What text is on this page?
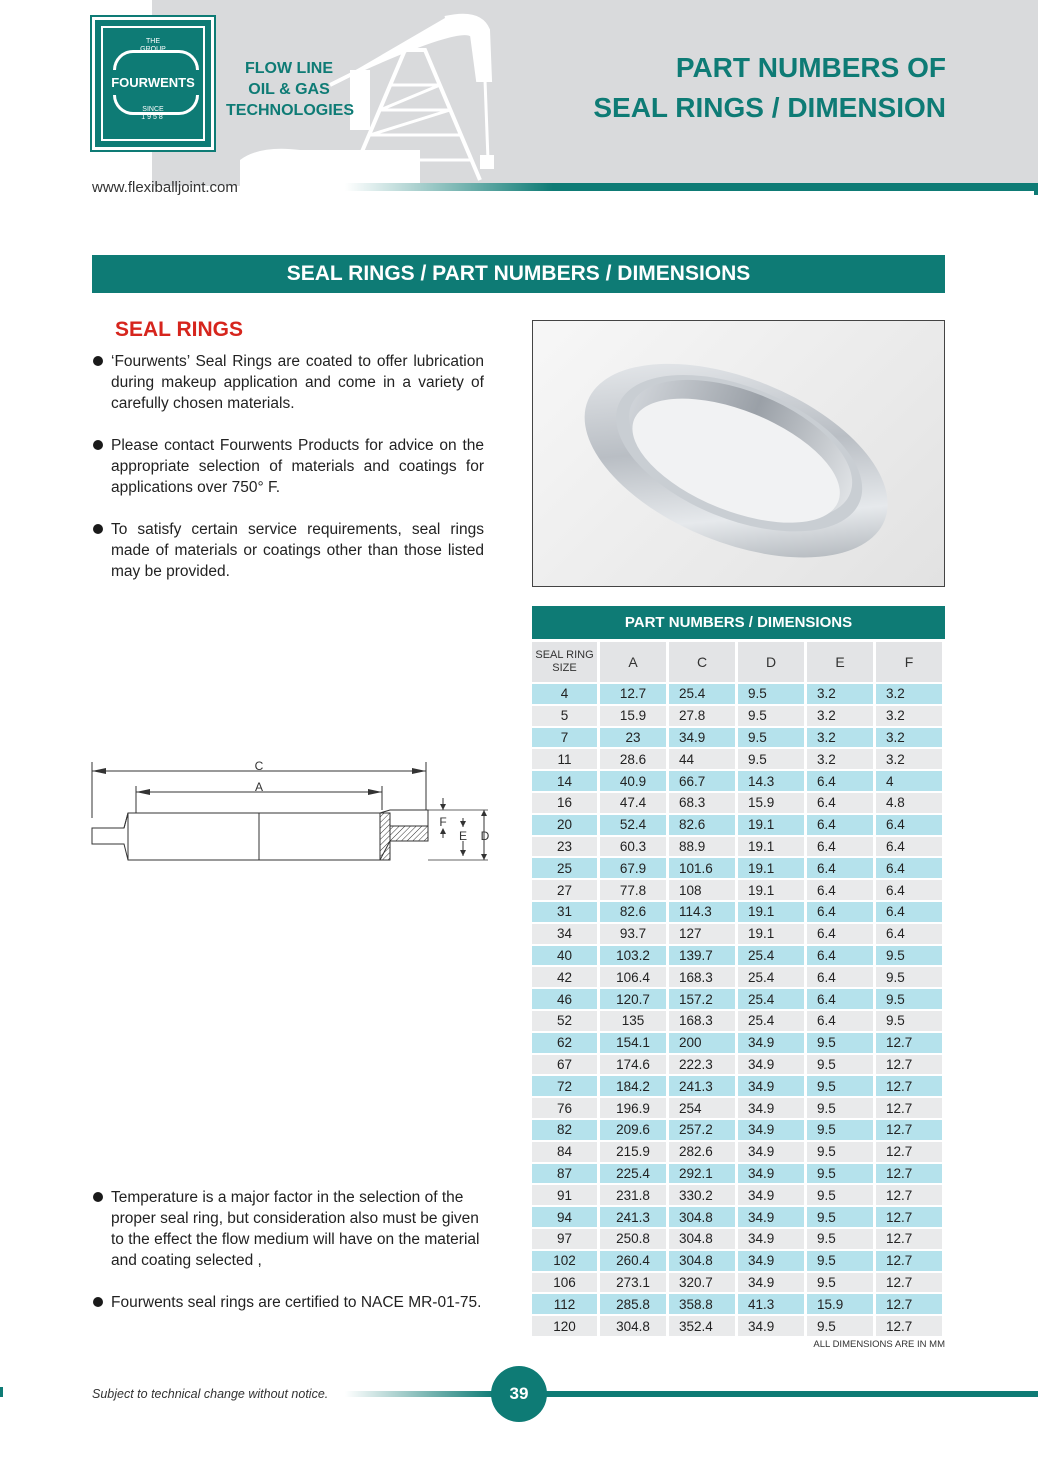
THE
GROUP
FOURWENTS
SINCE
1958
FLOW LINE
OIL & GAS
TECHNOLOGIES
PART NUMBERS OF
SEAL RINGS / DIMENSION
www.flexiballjoint.com
SEAL RINGS / PART NUMBERS / DIMENSIONS
SEAL RINGS
‘Fourwents’ Seal Rings are coated to offer lubrication during makeup application and come in a variety of carefully chosen materials.
Please contact Fourwents Products for advice on the appropriate selection of materials and coatings for applications over 750° F.
To satisfy certain service requirements, seal rings made of materials or coatings other than those listed may be provided.
C
A
F
E D
Temperature is a major factor in the selection of the proper seal ring, but consideration also must be given to the effect the flow medium will have on the material and coating selected ,
Fourwents seal rings are certified to NACE MR-01-75.
PART NUMBERS / DIMENSIONS
SEAL RING SIZE	A	C	D	E	F
4	12.7	25.4	9.5	3.2	3.2
5	15.9	27.8	9.5	3.2	3.2
7	23	34.9	9.5	3.2	3.2
11	28.6	44	9.5	3.2	3.2
14	40.9	66.7	14.3	6.4	4
16	47.4	68.3	15.9	6.4	4.8
20	52.4	82.6	19.1	6.4	6.4
23	60.3	88.9	19.1	6.4	6.4
25	67.9	101.6	19.1	6.4	6.4
27	77.8	108	19.1	6.4	6.4
31	82.6	114.3	19.1	6.4	6.4
34	93.7	127	19.1	6.4	6.4
40	103.2	139.7	25.4	6.4	9.5
42	106.4	168.3	25.4	6.4	9.5
46	120.7	157.2	25.4	6.4	9.5
52	135	168.3	25.4	6.4	9.5
62	154.1	200	34.9	9.5	12.7
67	174.6	222.3	34.9	9.5	12.7
72	184.2	241.3	34.9	9.5	12.7
76	196.9	254	34.9	9.5	12.7
82	209.6	257.2	34.9	9.5	12.7
84	215.9	282.6	34.9	9.5	12.7
87	225.4	292.1	34.9	9.5	12.7
91	231.8	330.2	34.9	9.5	12.7
94	241.3	304.8	34.9	9.5	12.7
97	250.8	304.8	34.9	9.5	12.7
102	260.4	304.8	34.9	9.5	12.7
106	273.1	320.7	34.9	9.5	12.7
112	285.8	358.8	41.3	15.9	12.7
120	304.8	352.4	34.9	9.5	12.7
ALL DIMENSIONS ARE IN MM
Subject to technical change without notice.	39
